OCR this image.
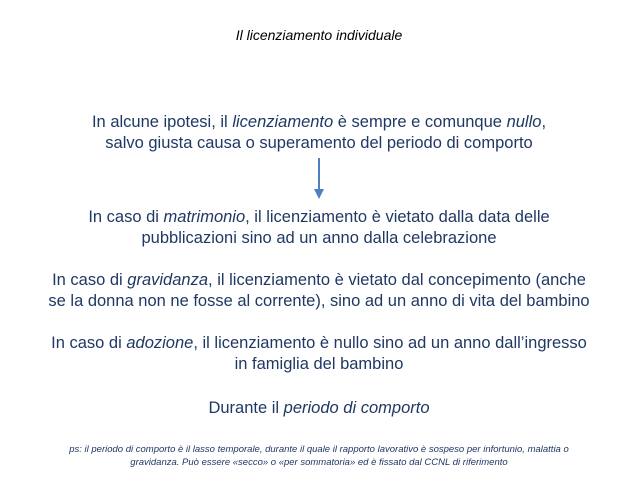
Il licenziamento individuale
In alcune ipotesi, il licenziamento è sempre e comunque nullo,
salvo giusta causa o superamento del periodo di comporto
In caso di matrimonio, il licenziamento è vietato dalla data delle
pubblicazioni sino ad un anno dalla celebrazione
In caso di gravidanza, il licenziamento è vietato dal concepimento (anche
se la donna non ne fosse al corrente), sino ad un anno di vita del bambino
In caso di adozione, il licenziamento è nullo sino ad un anno dall’ingresso
in famiglia del bambino
Durante il periodo di comporto
ps: il periodo di comporto è il lasso temporale, durante il quale il rapporto lavorativo è sospeso per infortunio, malattia o
gravidanza. Può essere «secco» o «per sommatoria» ed è fissato dal CCNL di riferimento
